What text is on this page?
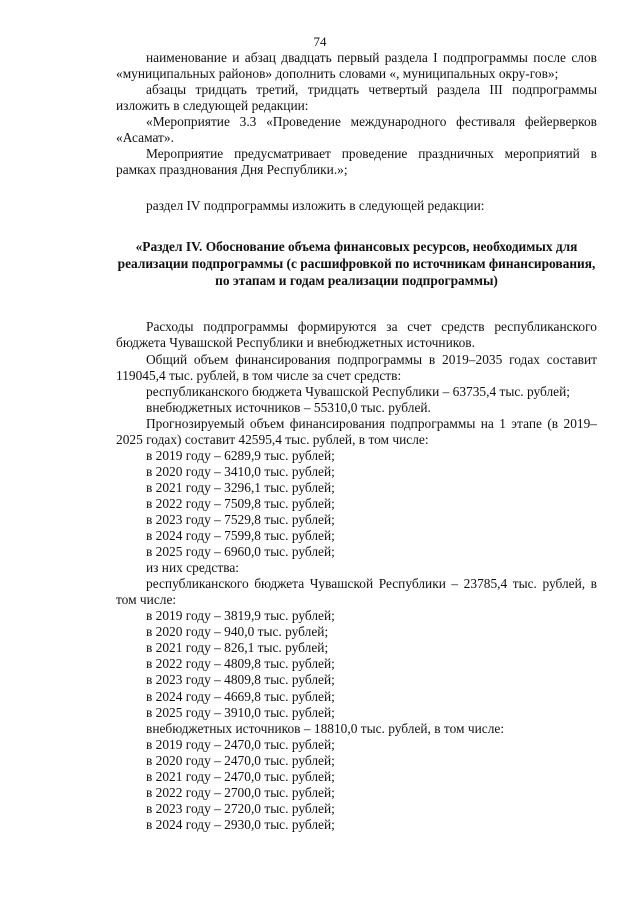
74

наименование и абзац двадцать первый раздела I подпрограммы после слов «муниципальных районов» дополнить словами «, муниципальных окру-гов»;

абзацы тридцать третий, тридцать четвертый раздела III подпрограммы изложить в следующей редакции:

«Мероприятие 3.3 «Проведение международного фестиваля фейерверков «Асамат».

Мероприятие предусматривает проведение праздничных мероприятий в рамках празднования Дня Республики.»;

раздел IV подпрограммы изложить в следующей редакции:

«Раздел IV. Обоснование объема финансовых ресурсов, необходимых для реализации подпрограммы (с расшифровкой по источникам финансирования, по этапам и годам реализации подпрограммы)

Расходы подпрограммы формируются за счет средств республиканского бюджета Чувашской Республики и внебюджетных источников.

Общий объем финансирования подпрограммы в 2019–2035 годах составит 119045,4 тыс. рублей, в том числе за счет средств:

республиканского бюджета Чувашской Республики – 63735,4 тыс. рублей;

внебюджетных источников – 55310,0 тыс. рублей.

Прогнозируемый объем финансирования подпрограммы на 1 этапе (в 2019–2025 годах) составит 42595,4 тыс. рублей, в том числе:

в 2019 году – 6289,9 тыс. рублей;

в 2020 году – 3410,0 тыс. рублей;

в 2021 году – 3296,1 тыс. рублей;

в 2022 году – 7509,8 тыс. рублей;

в 2023 году – 7529,8 тыс. рублей;

в 2024 году – 7599,8 тыс. рублей;

в 2025 году – 6960,0 тыс. рублей;

из них средства:

республиканского бюджета Чувашской Республики – 23785,4 тыс. рублей, в том числе:

в 2019 году – 3819,9 тыс. рублей;

в 2020 году – 940,0 тыс. рублей;

в 2021 году – 826,1 тыс. рублей;

в 2022 году – 4809,8 тыс. рублей;

в 2023 году – 4809,8 тыс. рублей;

в 2024 году – 4669,8 тыс. рублей;

в 2025 году – 3910,0 тыс. рублей;

внебюджетных источников – 18810,0 тыс. рублей, в том числе:

в 2019 году – 2470,0 тыс. рублей;

в 2020 году – 2470,0 тыс. рублей;

в 2021 году – 2470,0 тыс. рублей;

в 2022 году – 2700,0 тыс. рублей;

в 2023 году – 2720,0 тыс. рублей;

в 2024 году – 2930,0 тыс. рублей;
